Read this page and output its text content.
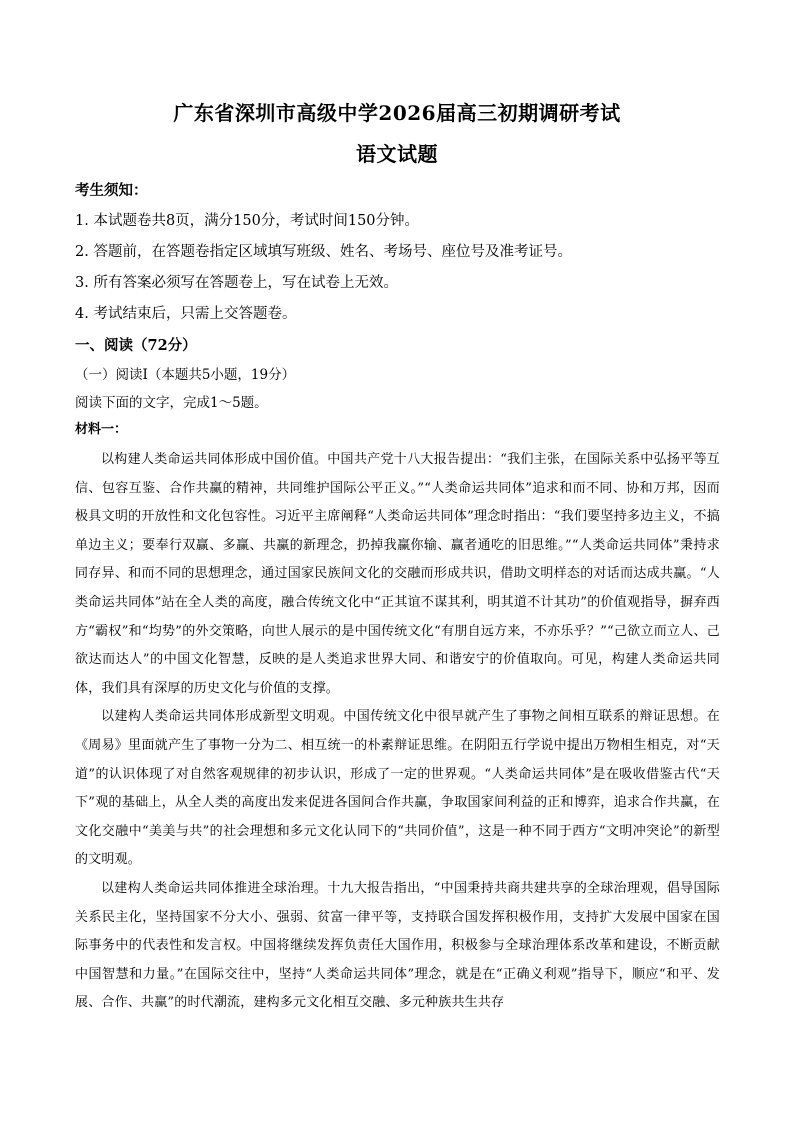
广东省深圳市高级中学2026届高三初期调研考试
语文试题
考生须知：
1. 本试题卷共8页，满分150分，考试时间150分钟。
2. 答题前，在答题卷指定区域填写班级、姓名、考场号、座位号及准考证号。
3. 所有答案必须写在答题卷上，写在试卷上无效。
4. 考试结束后，只需上交答题卷。
一、阅读（72分）
（一）阅读Ⅰ（本题共5小题，19分）
阅读下面的文字，完成1～5题。
材料一：

以构建人类命运共同体形成中国价值。中国共产党十八大报告提出：“我们主张，在国际关系中弘扬平等互信、包容互鉴、合作共赢的精神，共同维护国际公平正义。”“人类命运共同体”追求和而不同、协和万邦，因而极具文明的开放性和文化包容性。习近平主席阐释“人类命运共同体”理念时指出：“我们要坚持多边主义，不搞单边主义；要奉行双赢、多赢、共赢的新理念，扔掉我赢你输、赢者通吃的旧思维。”“人类命运共同体”秉持求同存异、和而不同的思想理念，通过国家民族间文化的交融而形成共识，借助文明样态的对话而达成共赢。“人类命运共同体”站在全人类的高度，融合传统文化中“正其谊不谋其利，明其道不计其功”的价值观指导，摒弃西方“霸权”和“均势”的外交策略，向世人展示的是中国传统文化“有朋自远方来，不亦乐乎？”“己欲立而立人、己欲达而达人”的中国文化智慧，反映的是人类追求世界大同、和谐安宁的价值取向。可见，构建人类命运共同体，我们具有深厚的历史文化与价值的支撑。

以建构人类命运共同体形成新型文明观。中国传统文化中很早就产生了事物之间相互联系的辩证思想。在《周易》里面就产生了事物一分为二、相互统一的朴素辩证思维。在阴阳五行学说中提出万物相生相克，对“天道”的认识体现了对自然客观规律的初步认识，形成了一定的世界观。“人类命运共同体”是在吸收借鉴古代“天下”观的基础上，从全人类的高度出发来促进各国间合作共赢，争取国家间利益的正和博弈，追求合作共赢，在文化交融中“美美与共”的社会理想和多元文化认同下的“共同价值”，这是一种不同于西方“文明冲突论”的新型的文明观。

以建构人类命运共同体推进全球治理。十九大报告指出，“中国秉持共商共建共享的全球治理观，倡导国际关系民主化，坚持国家不分大小、强弱、贫富一律平等，支持联合国发挥积极作用，支持扩大发展中国家在国际事务中的代表性和发言权。中国将继续发挥负责任大国作用，积极参与全球治理体系改革和建设，不断贡献中国智慧和力量。”在国际交往中，坚持“人类命运共同体”理念，就是在“正确义利观”指导下，顺应“和平、发展、合作、共赢”的时代潮流，建构多元文化相互交融、多元种族共生共存
